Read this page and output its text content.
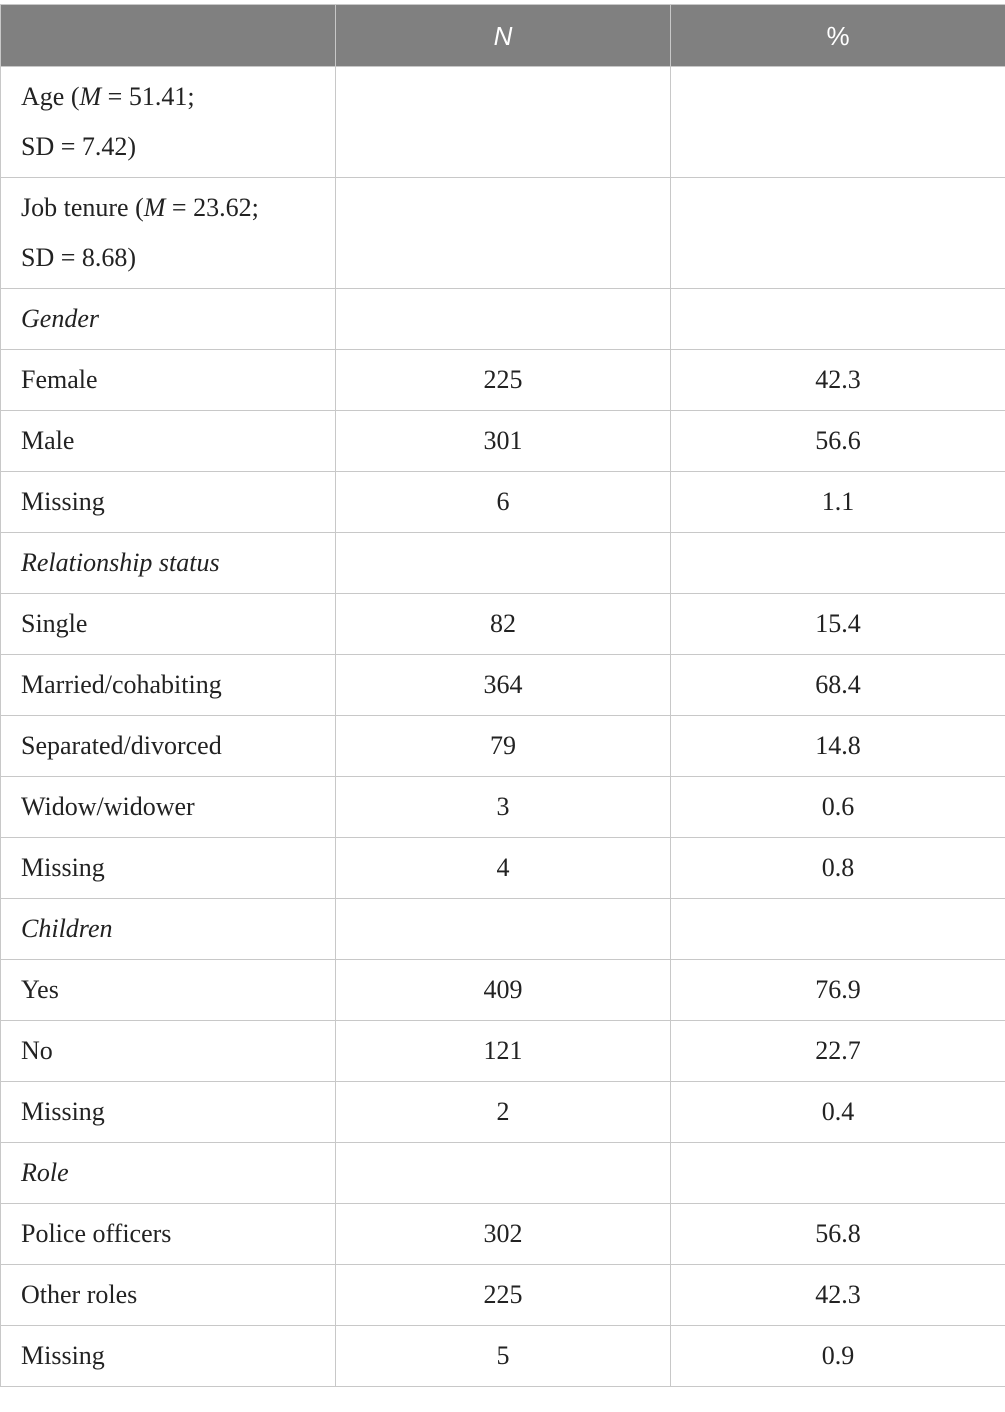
	N	%
Age (M = 51.41;
SD = 7.42)		
Job tenure (M = 23.62;
SD = 8.68)		
Gender		
Female	225	42.3
Male	301	56.6
Missing	6	1.1
Relationship status		
Single	82	15.4
Married/cohabiting	364	68.4
Separated/divorced	79	14.8
Widow/widower	3	0.6
Missing	4	0.8
Children		
Yes	409	76.9
No	121	22.7
Missing	2	0.4
Role		
Police officers	302	56.8
Other roles	225	42.3
Missing	5	0.9
